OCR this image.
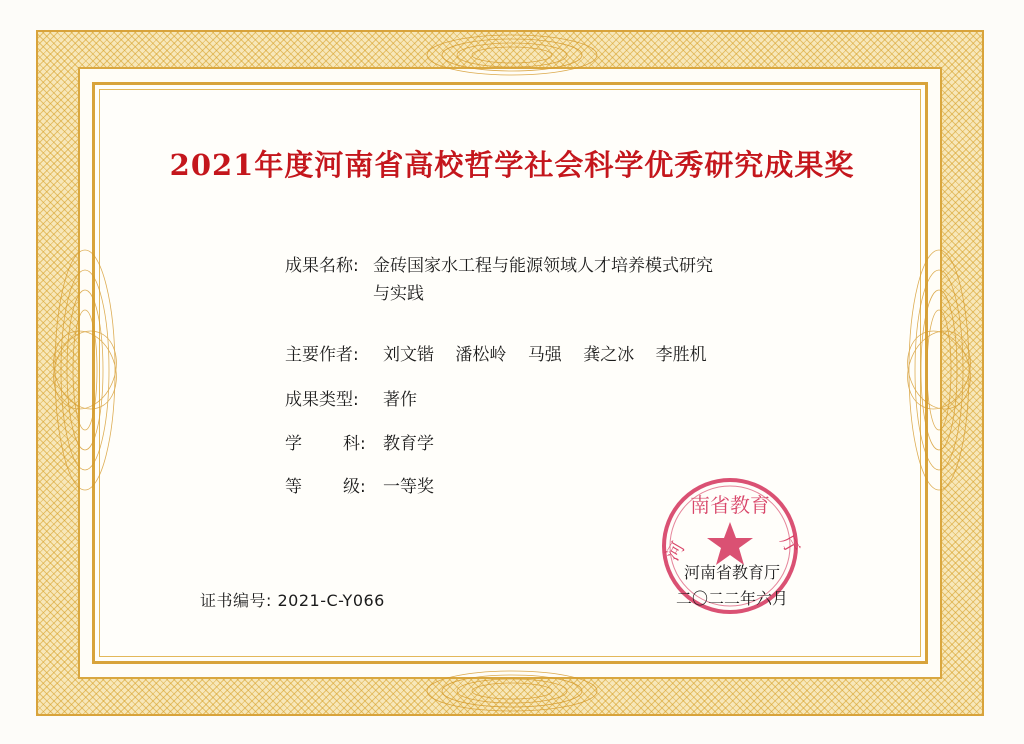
2021年度河南省高校哲学社会科学优秀研究成果奖
成果名称: 金砖国家水工程与能源领域人才培养模式研究
与实践
主要作者: 刘文锴 潘松岭 马强 龚之冰 李胜机
成果类型: 著作
学 科: 教育学
等 级: 一等奖
证书编号: 2021-C-Y066
南省教育
河	厅
河南省教育厅
二〇二二年六月
